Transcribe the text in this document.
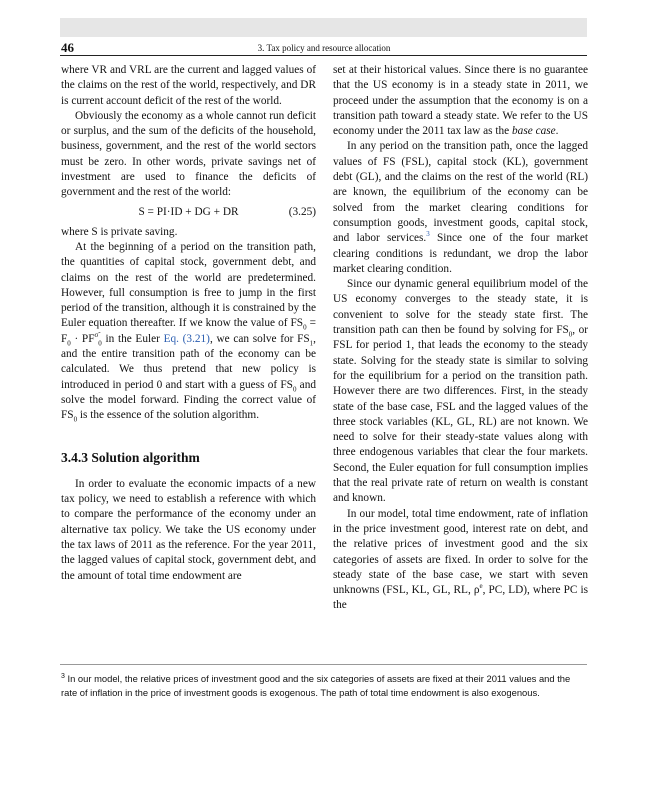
46	3. Tax policy and resource allocation

where VR and VRL are the current and lagged values of the claims on the rest of the world, respectively, and DR is current account deficit of the rest of the world.

Obviously the economy as a whole cannot run deficit or surplus, and the sum of the deficits of the household, business, government, and the rest of the world sectors must be zero. In other words, private savings net of investment are used to finance the deficits of government and the rest of the world:

S = PI·ID + DG + DR	(3.25)

where S is private saving.

At the beginning of a period on the transition path, the quantities of capital stock, government debt, and claims on the rest of the world are predetermined. However, full consumption is free to jump in the first period of the transition, although it is constrained by the Euler equation thereafter. If we know the value of $FS_0 = F_0 \cdot PF^{\sigmã}_0$ in the Euler Eq. (3.21), we can solve for $FS_1$, and the entire transition path of the economy can be calculated. We thus pretend that new policy is introduced in period 0 and start with a guess of $FS_0$ and solve the model forward. Finding the correct value of $FS_0$ is the essence of the solution algorithm.

3.4.3 Solution algorithm

In order to evaluate the economic impacts of a new tax policy, we need to establish a reference with which to compare the performance of the economy under an alternative tax policy. We take the US economy under the tax laws of 2011 as the reference. For the year 2011, the lagged values of capital stock, government debt, and the amount of total time endowment are

set at their historical values. Since there is no guarantee that the US economy is in a steady state in 2011, we proceed under the assumption that the economy is on a transition path toward a steady state. We refer to the US economy under the 2011 tax law as the base case.

In any period on the transition path, once the lagged values of FS (FSL), capital stock (KL), government debt (GL), and the claims on the rest of the world (RL) are known, the equilibrium of the economy can be solved from the market clearing conditions for consumption goods, investment goods, capital stock, and labor services.$^3$ Since one of the four market clearing conditions is redundant, we drop the labor market clearing condition.

Since our dynamic general equilibrium model of the US economy converges to the steady state, it is convenient to solve for the steady state first. The transition path can then be found by solving for $FS_0$, or FSL for period 1, that leads the economy to the steady state. Solving for the steady state is similar to solving for the equilibrium for a period on the transition path. However there are two differences. First, in the steady state of the base case, FSL and the lagged values of the three stock variables (KL, GL, RL) are not known. We need to solve for their steady-state values along with three endogenous variables that clear the four markets. Second, the Euler equation for full consumption implies that the real private rate of return on wealth is constant and known.

In our model, total time endowment, rate of inflation in the price investment good, interest rate on debt, and the relative prices of investment good and the six categories of assets are fixed. In order to solve for the steady state of the base case, we start with seven unknowns (FSL, KL, GL, RL, $\rho^e$, PC, LD), where PC is the

$^3$ In our model, the relative prices of investment good and the six categories of assets are fixed at their 2011 values and the rate of inflation in the price of investment goods is exogenous. The path of total time endowment is also exogenous.
